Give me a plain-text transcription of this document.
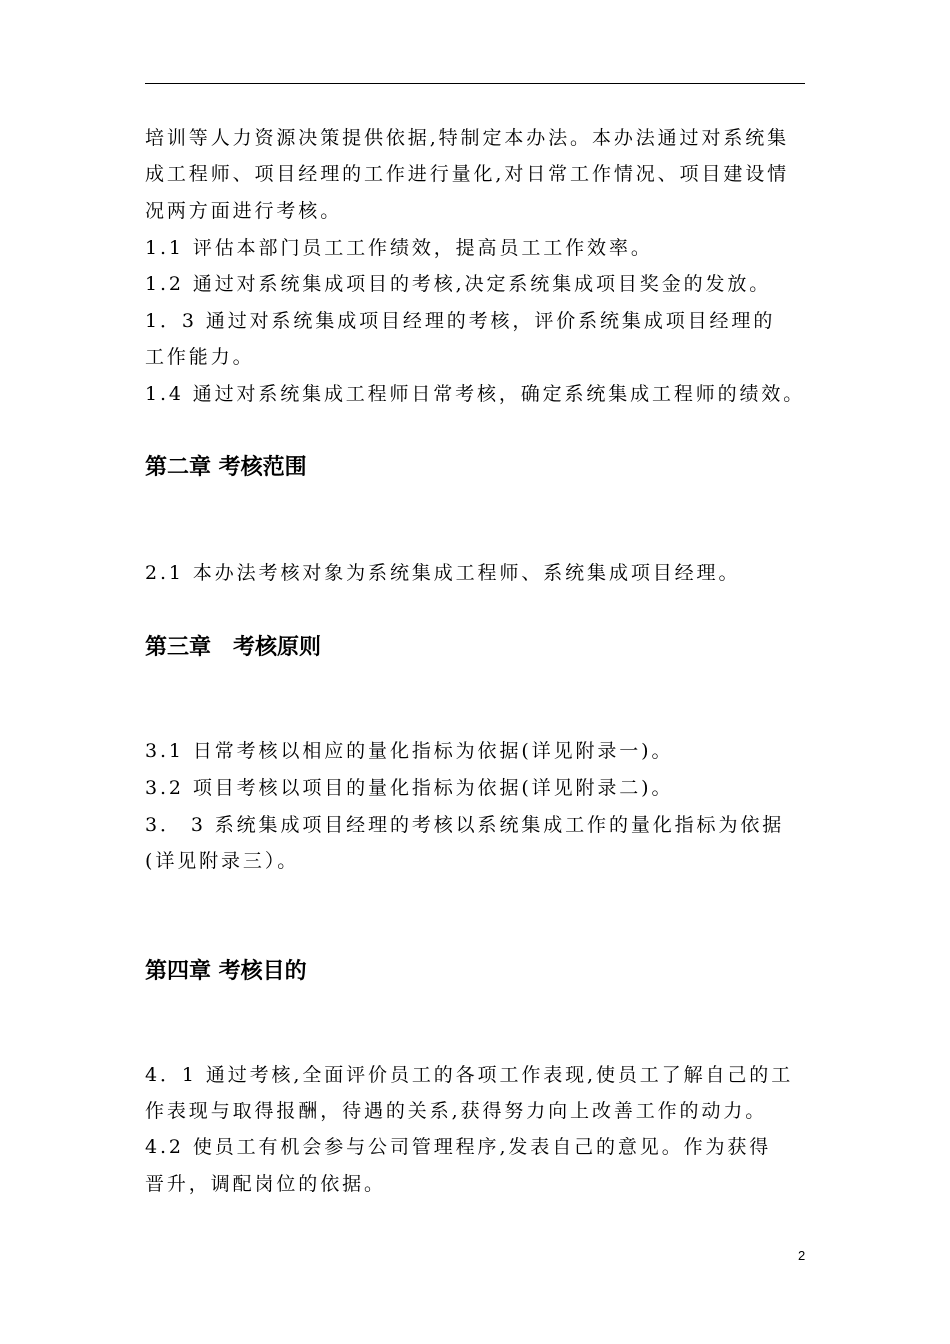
培训等人力资源决策提供依据,特制定本办法。本办法通过对系统集
成工程师、项目经理的工作进行量化,对日常工作情况、项目建设情
况两方面进行考核。
1.1 评估本部门员工工作绩效，提高员工工作效率。
1.2 通过对系统集成项目的考核,决定系统集成项目奖金的发放。
1．3 通过对系统集成项目经理的考核，评价系统集成项目经理的
工作能力。
1.4 通过对系统集成工程师日常考核，确定系统集成工程师的绩效。
第二章 考核范围
2.1 本办法考核对象为系统集成工程师、系统集成项目经理。
第三章　考核原则
3.1 日常考核以相应的量化指标为依据(详见附录一)。
3.2 项目考核以项目的量化指标为依据(详见附录二)。
3． 3 系统集成项目经理的考核以系统集成工作的量化指标为依据
(详见附录三）。
第四章 考核目的
4．1 通过考核,全面评价员工的各项工作表现,使员工了解自己的工
作表现与取得报酬，待遇的关系,获得努力向上改善工作的动力。
4.2 使员工有机会参与公司管理程序,发表自己的意见。作为获得
晋升，调配岗位的依据。
2
